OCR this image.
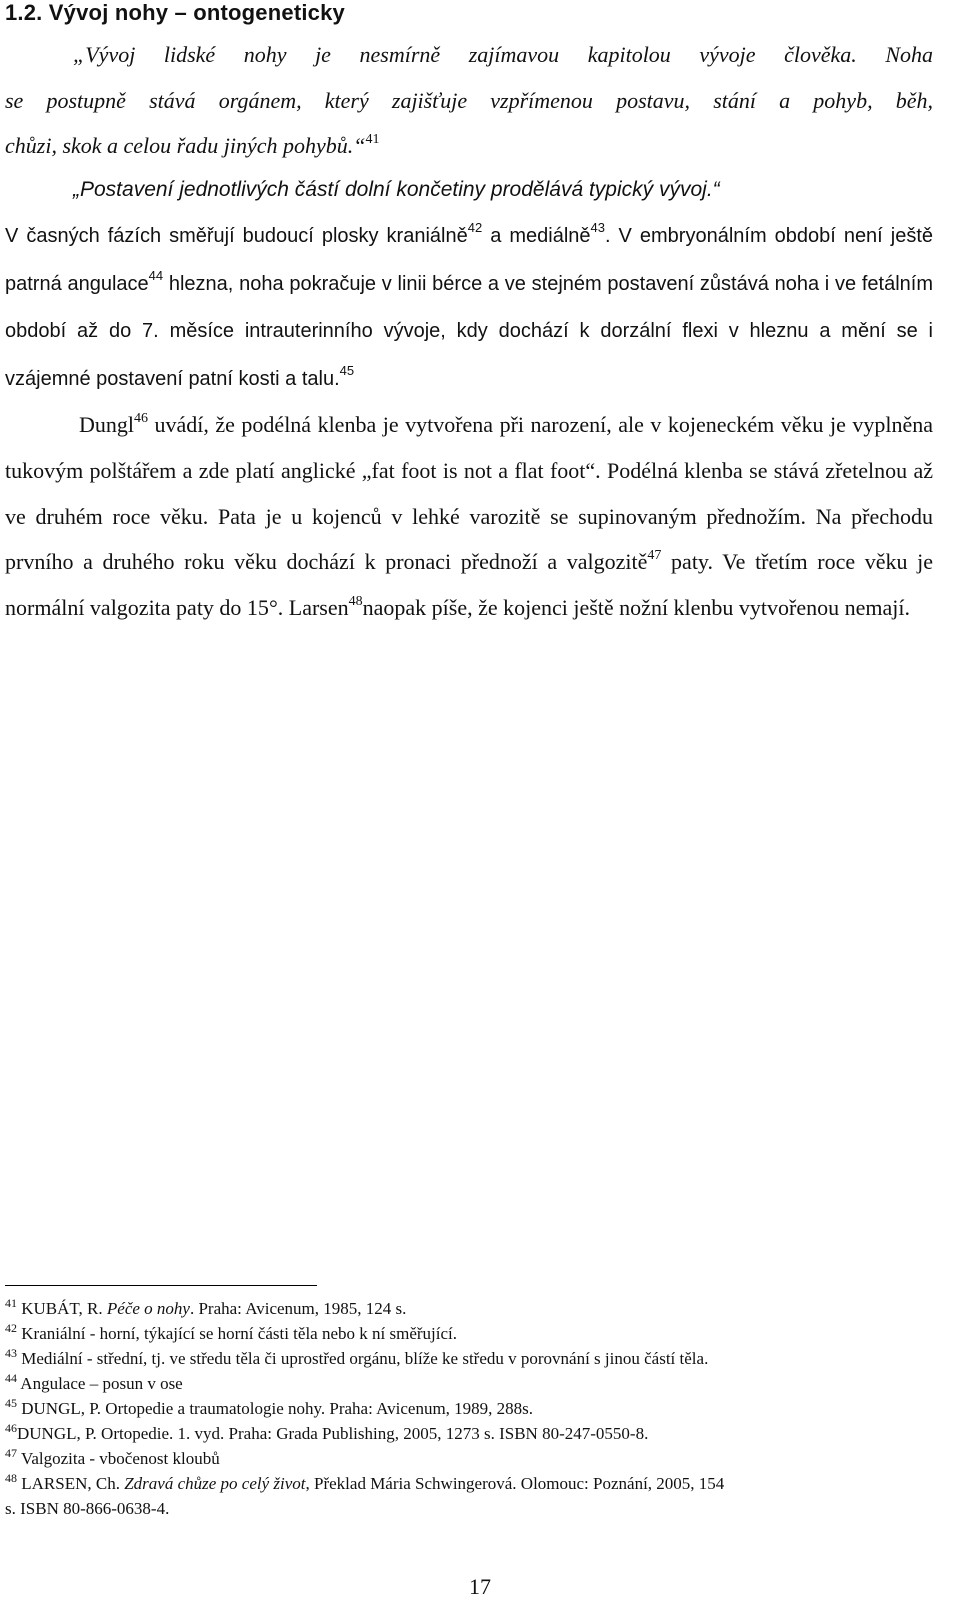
1.2. Vývoj nohy – ontogeneticky
„Vývoj lidské nohy je nesmírně zajímavou kapitolou vývoje člověka. Noha
se postupně stává orgánem, který zajišťuje vzpřímenou postavu, stání a pohyb, běh,
chůzi, skok a celou řadu jiných pohybů.“$^{41}$
„Postavení jednotlivých částí dolní končetiny prodělává typický vývoj.“
V časných fázích směřují budoucí plosky kraniálně$^{42}$ a mediálně$^{43}$. V embryonálním období není ještě patrná angulace$^{44}$ hlezna, noha pokračuje v linii bérce a ve stejném postavení zůstává noha i ve fetálním období až do 7. měsíce intrauterinního vývoje, kdy dochází k dorzální flexi v hleznu a mění se i vzájemné postavení patní kosti a talu.$^{45}$
Dungl$^{46}$ uvádí, že podélná klenba je vytvořena při narození, ale v kojeneckém věku je vyplněna tukovým polštářem a zde platí anglické „fat foot is not a flat foot“. Podélná klenba se stává zřetelnou až ve druhém roce věku. Pata je u kojenců v lehké varozitě se supinovaným přednožím. Na přechodu prvního a druhého roku věku dochází k pronaci přednoží a valgozitě$^{47}$ paty. Ve třetím roce věku je normální valgozita paty do 15°. Larsen$^{48}$naopak píše, že kojenci ještě nožní klenbu vytvořenou nemají.
$^{41}$ KUBÁT, R. Péče o nohy. Praha: Avicenum, 1985, 124 s.
$^{42}$ Kraniální - horní, týkající se horní části těla nebo k ní směřující.
$^{43}$ Mediální - střední, tj. ve středu těla či uprostřed orgánu, blíže ke středu v porovnání s jinou částí těla.
$^{44}$ Angulace – posun v ose
$^{45}$ DUNGL, P. Ortopedie a traumatologie nohy. Praha: Avicenum, 1989, 288s.
$^{46}$DUNGL, P. Ortopedie. 1. vyd. Praha: Grada Publishing, 2005, 1273 s. ISBN 80-247-0550-8.
$^{47}$ Valgozita - vbočenost kloubů
$^{48}$ LARSEN, Ch. Zdravá chůze po celý život, Překlad Mária Schwingerová. Olomouc: Poznání, 2005, 154
s. ISBN 80-866-0638-4.
17
